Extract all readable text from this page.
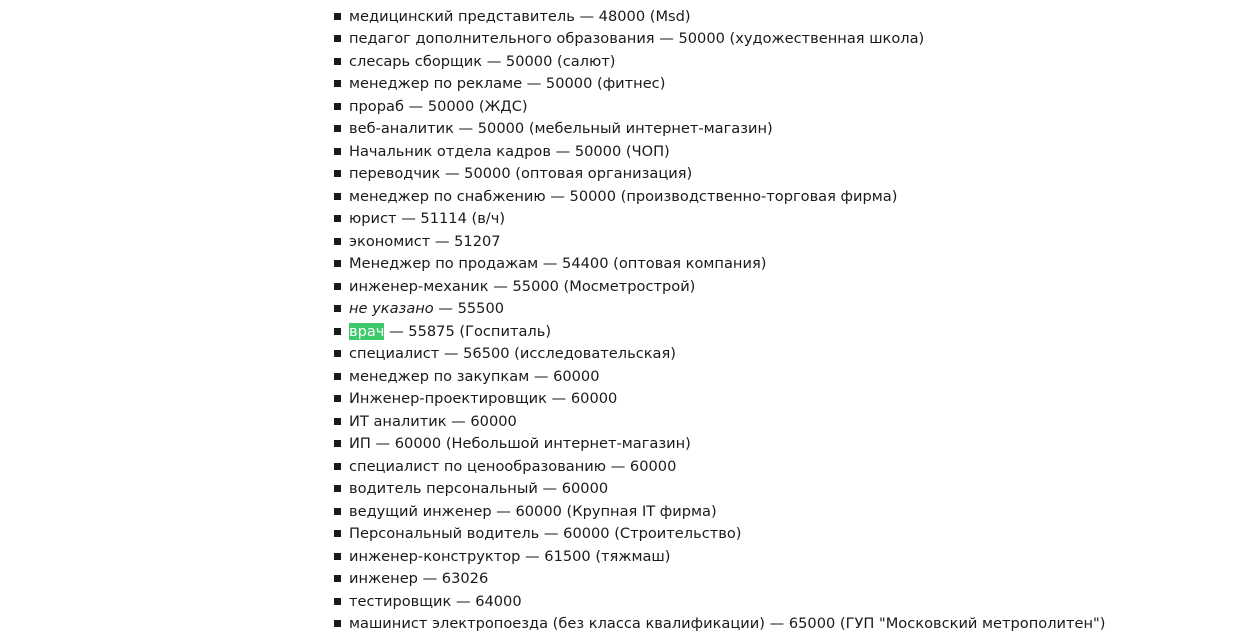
медицинский представитель — 48000 (Msd)
педагог дополнительного образования — 50000 (художественная школа)
слесарь сборщик — 50000 (салют)
менеджер по рекламе — 50000 (фитнес)
прораб — 50000 (ЖДС)
веб-аналитик — 50000 (мебельный интернет-магазин)
Начальник отдела кадров — 50000 (ЧОП)
переводчик — 50000 (оптовая организация)
менеджер по снабжению — 50000 (производственно-торговая фирма)
юрист — 51114 (в/ч)
экономист — 51207
Менеджер по продажам — 54400 (оптовая компания)
инженер-механик — 55000 (Мосметрострой)
не указано — 55500
врач — 55875 (Госпиталь)
специалист — 56500 (исследовательская)
менеджер по закупкам — 60000
Инженер-проектировщик — 60000
ИТ аналитик — 60000
ИП — 60000 (Небольшой интернет-магазин)
специалист по ценообразованию — 60000
водитель персональный — 60000
ведущий инженер — 60000 (Крупная IT фирма)
Персональный водитель — 60000 (Строительство)
инженер-конструктор — 61500 (тяжмаш)
инженер — 63026
тестировщик — 64000
машинист электропоезда (без класса квалификации) — 65000 (ГУП "Московский метрополитен")
